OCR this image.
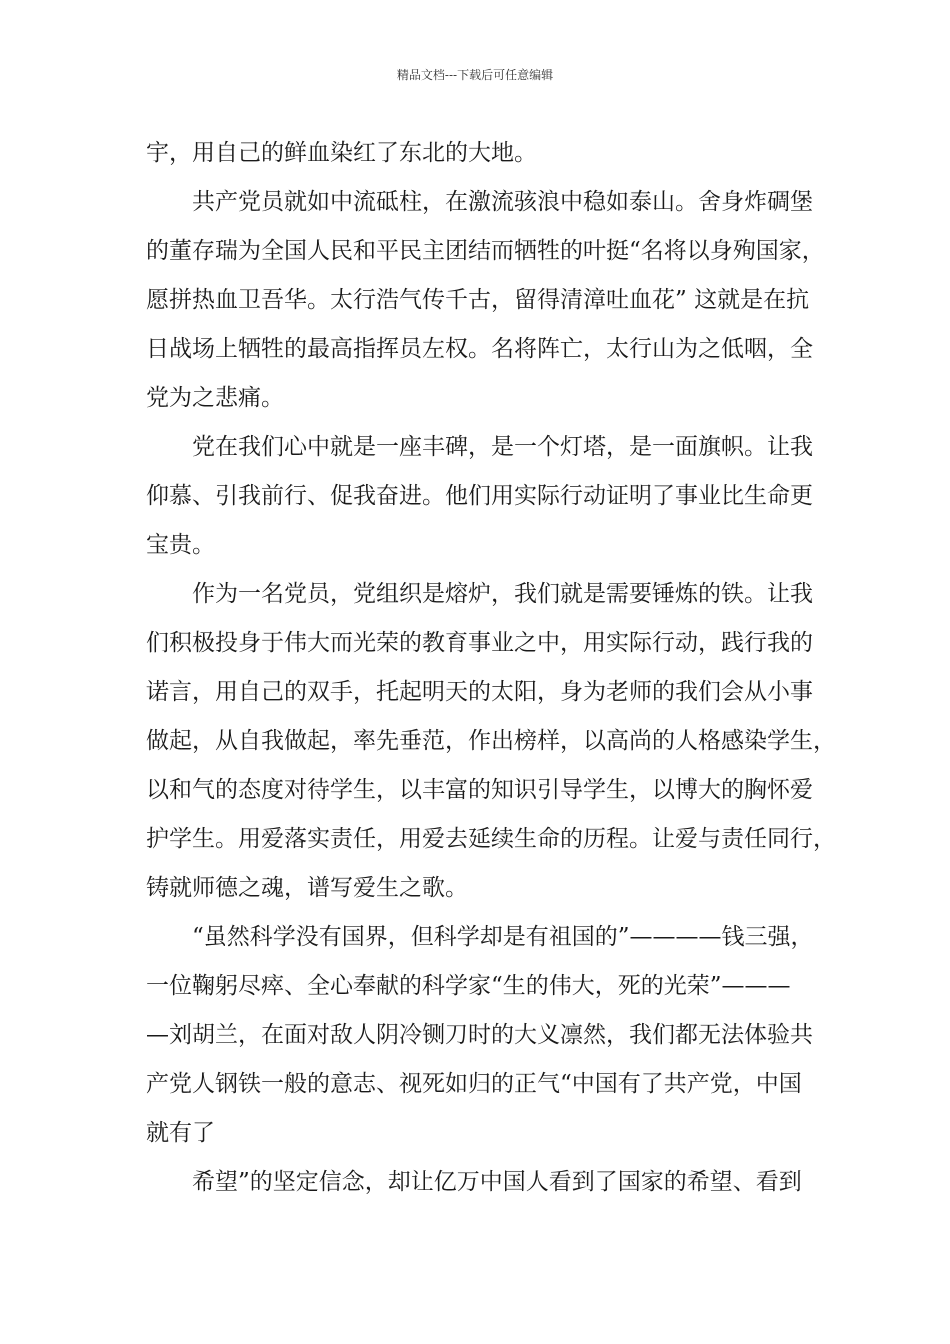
精品文档---下载后可任意编辑
宇，用自己的鲜血染红了东北的大地。
　　共产党员就如中流砥柱，在激流骇浪中稳如泰山。舍身炸碉堡
的董存瑞为全国人民和平民主团结而牺牲的叶挺“名将以身殉国家，
愿拼热血卫吾华。太行浩气传千古，留得清漳吐血花” 这就是在抗
日战场上牺牲的最高指挥员左权。名将阵亡，太行山为之低咽，全
党为之悲痛。
　　党在我们心中就是一座丰碑，是一个灯塔，是一面旗帜。让我
仰慕、引我前行、促我奋进。他们用实际行动证明了事业比生命更
宝贵。
　　作为一名党员，党组织是熔炉，我们就是需要锤炼的铁。让我
们积极投身于伟大而光荣的教育事业之中，用实际行动，践行我的
诺言，用自己的双手，托起明天的太阳，身为老师的我们会从小事
做起，从自我做起，率先垂范，作出榜样，以高尚的人格感染学生，
以和气的态度对待学生，以丰富的知识引导学生，以博大的胸怀爱
护学生。用爱落实责任，用爱去延续生命的历程。让爱与责任同行，
铸就师德之魂，谱写爱生之歌。
　　“虽然科学没有国界，但科学却是有祖国的”————钱三强，
一位鞠躬尽瘁、全心奉献的科学家“生的伟大，死的光荣”———
—刘胡兰，在面对敌人阴冷铡刀时的大义凛然，我们都无法体验共
产党人钢铁一般的意志、视死如归的正气“中国有了共产党，中国
就有了
　　希望”的坚定信念，却让亿万中国人看到了国家的希望、看到
